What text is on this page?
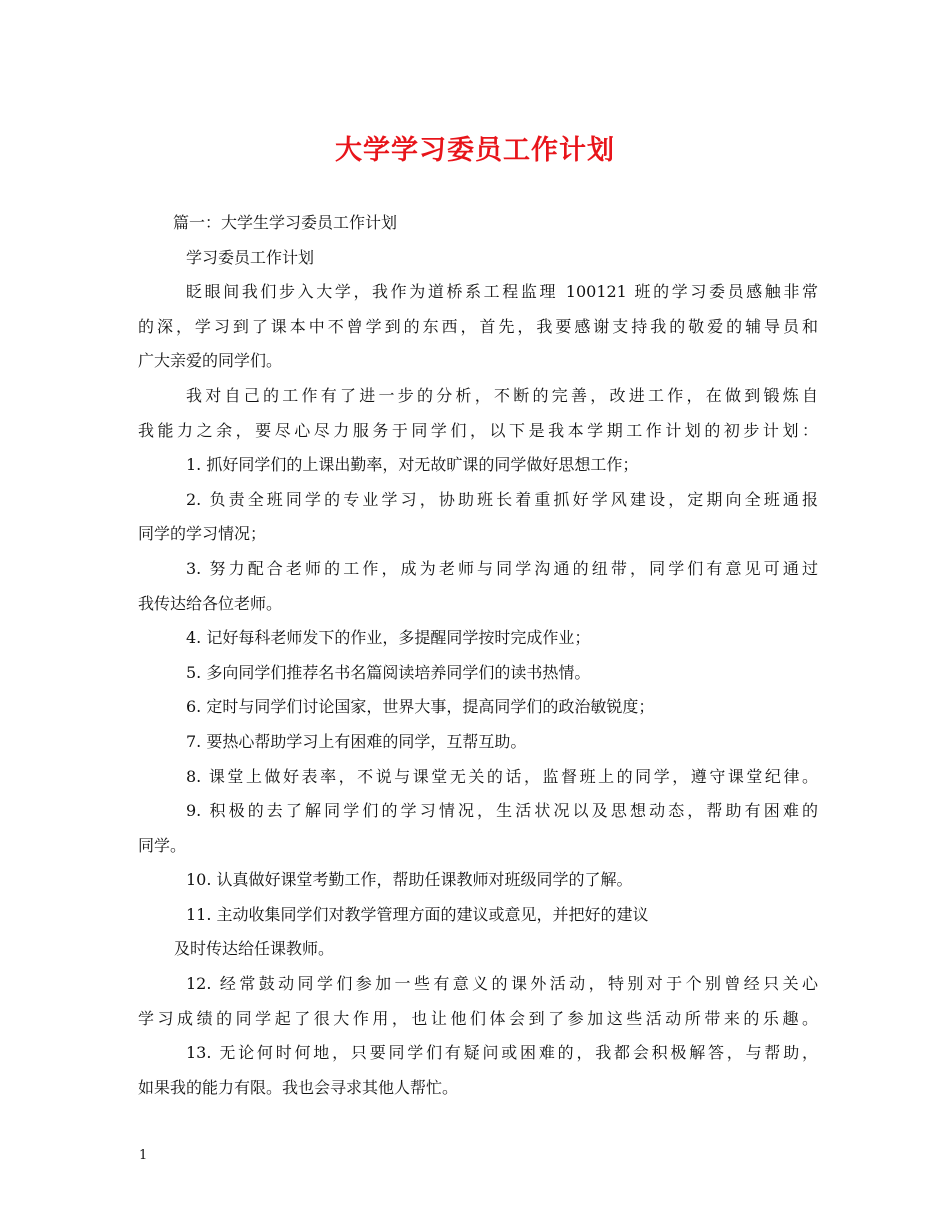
大学学习委员工作计划
篇一：大学生学习委员工作计划
学习委员工作计划
眨眼间我们步入大学，我作为道桥系工程监理 100121 班的学习委员感触非常
的深，学习到了课本中不曾学到的东西，首先，我要感谢支持我的敬爱的辅导员和
广大亲爱的同学们。
我对自己的工作有了进一步的分析，不断的完善，改进工作，在做到锻炼自
我能力之余，要尽心尽力服务于同学们，以下是我本学期工作计划的初步计划：
1. 抓好同学们的上课出勤率，对无故旷课的同学做好思想工作；
2. 负责全班同学的专业学习，协助班长着重抓好学风建设，定期向全班通报
同学的学习情况；
3. 努力配合老师的工作，成为老师与同学沟通的纽带，同学们有意见可通过
我传达给各位老师。
4. 记好每科老师发下的作业，多提醒同学按时完成作业；
5. 多向同学们推荐名书名篇阅读培养同学们的读书热情。
6. 定时与同学们讨论国家，世界大事，提高同学们的政治敏锐度；
7. 要热心帮助学习上有困难的同学，互帮互助。
8. 课堂上做好表率，不说与课堂无关的话，监督班上的同学，遵守课堂纪律。
9. 积极的去了解同学们的学习情况，生活状况以及思想动态，帮助有困难的
同学。
10. 认真做好课堂考勤工作，帮助任课教师对班级同学的了解。
11. 主动收集同学们对教学管理方面的建议或意见，并把好的建议
及时传达给任课教师。
12. 经常鼓动同学们参加一些有意义的课外活动，特别对于个别曾经只关心
学习成绩的同学起了很大作用，也让他们体会到了参加这些活动所带来的乐趣。
13. 无论何时何地，只要同学们有疑问或困难的，我都会积极解答，与帮助，
如果我的能力有限。我也会寻求其他人帮忙。
1
